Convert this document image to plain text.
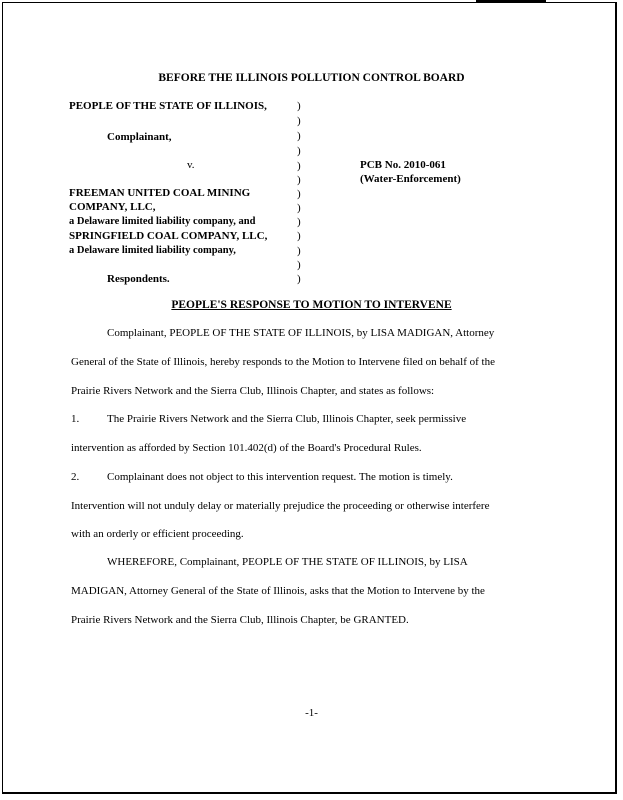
BEFORE THE ILLINOIS POLLUTION CONTROL BOARD
PEOPLE OF THE STATE OF ILLINOIS,
Complainant,
v.
FREEMAN UNITED COAL MINING
COMPANY, LLC,
a Delaware limited liability company, and
SPRINGFIELD COAL COMPANY, LLC,
a Delaware limited liability company,
Respondents.
)
)
)
)
)
)
)
)
)
)
)
)
)
PCB No. 2010-061
(Water-Enforcement)
PEOPLE'S RESPONSE TO MOTION TO INTERVENE
Complainant, PEOPLE OF THE STATE OF ILLINOIS, by LISA MADIGAN, Attorney
General of the State of Illinois, hereby responds to the Motion to Intervene filed on behalf of the
Prairie Rivers Network and the Sierra Club, Illinois Chapter, and states as follows:
1.	The Prairie Rivers Network and the Sierra Club, Illinois Chapter, seek permissive
intervention as afforded by Section 101.402(d) of the Board's Procedural Rules.
2.	Complainant does not object to this intervention request. The motion is timely.
Intervention will not unduly delay or materially prejudice the proceeding or otherwise interfere
with an orderly or efficient proceeding.
WHEREFORE, Complainant, PEOPLE OF THE STATE OF ILLINOIS, by LISA
MADIGAN, Attorney General of the State of Illinois, asks that the Motion to Intervene by the
Prairie Rivers Network and the Sierra Club, Illinois Chapter, be GRANTED.
-1-
